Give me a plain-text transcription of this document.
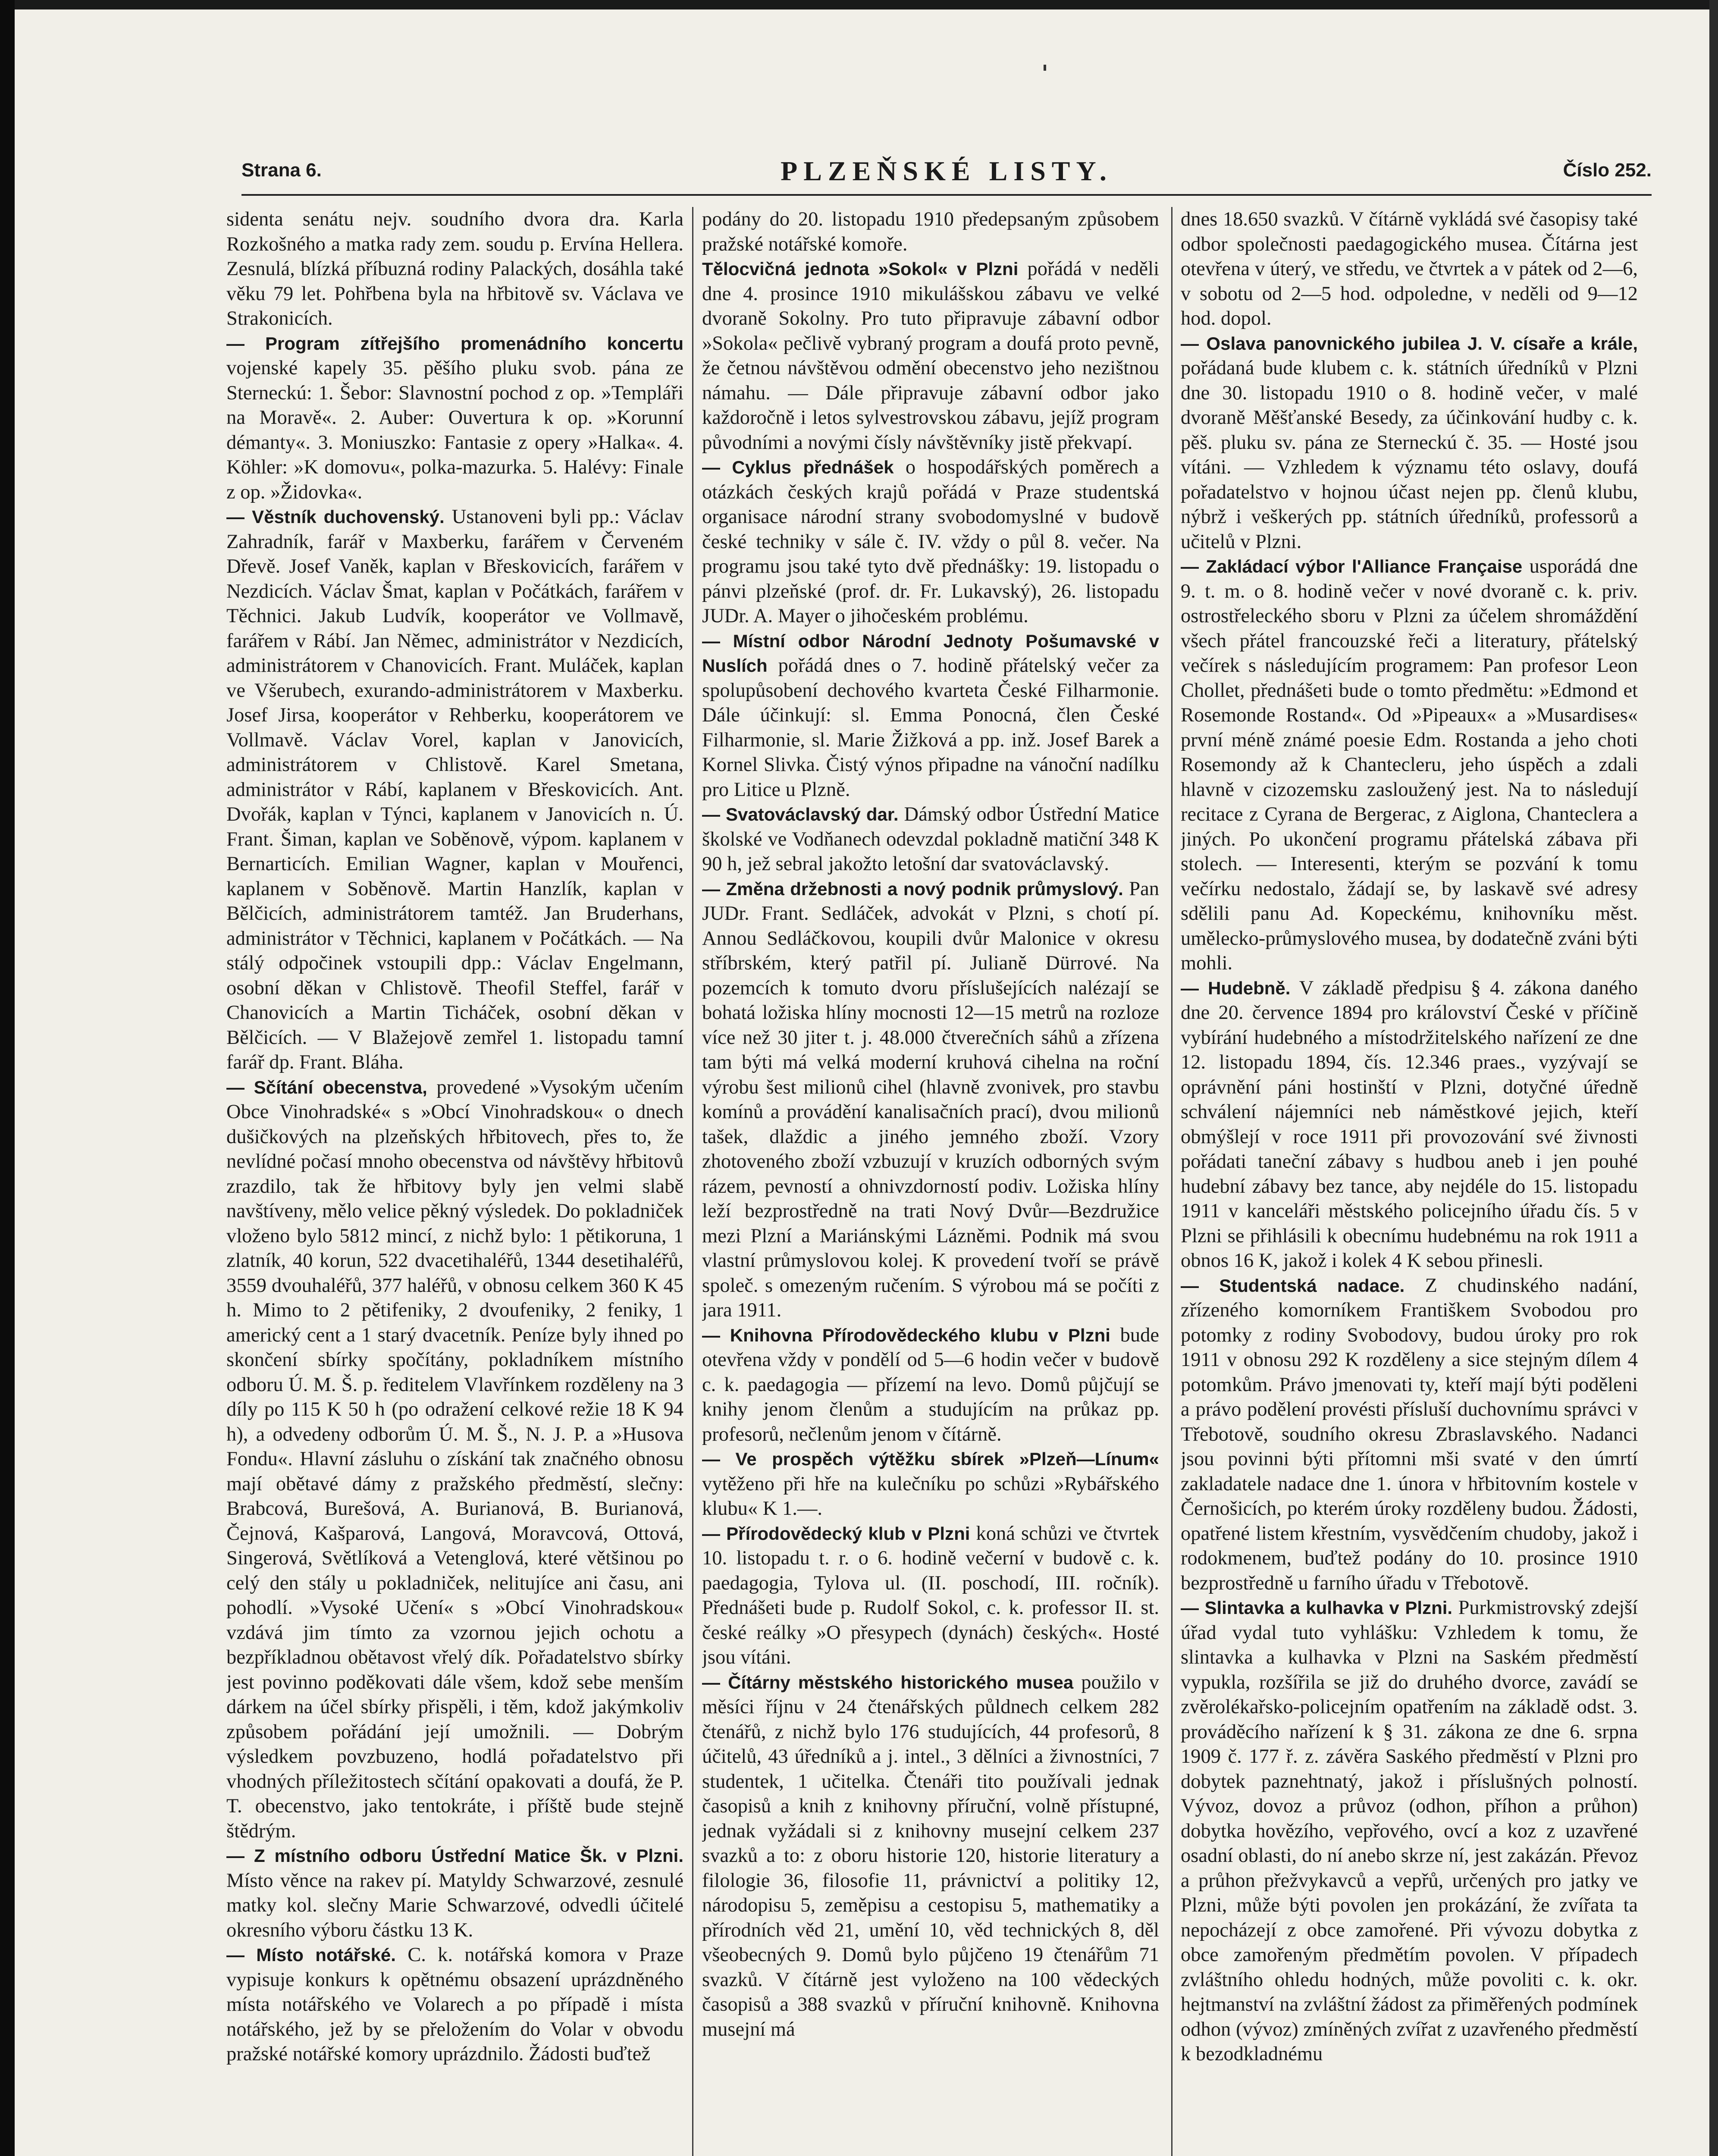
Strana 6.	PLZEŇSKÉ LISTY.	Číslo 252.

sidenta senátu nejv. soudního dvora dra. Karla Rozkošného a matka rady zem. soudu p. Ervína Hellera. Zesnulá, blízká příbuzná rodiny Palackých, dosáhla také věku 79 let. Pohřbena byla na hřbitově sv. Václava ve Strakonicích.

— Program zítřejšího promenádního koncertu vojenské kapely 35. pěšího pluku svob. pána ze Sterneckú: 1. Šebor: Slavnostní pochod z op. »Templáři na Moravě«. 2. Auber: Ouvertura k op. »Korunní démanty«. 3. Moniuszko: Fantasie z opery »Halka«. 4. Köhler: »K domovu«, polka-mazurka. 5. Halévy: Finale z op. »Židovka«.

— Věstník duchovenský. Ustanoveni byli pp.: Václav Zahradník, farář v Maxberku, farářem v Červeném Dřevě. Josef Vaněk, kaplan v Břeskovicích, farářem v Nezdicích. Václav Šmat, kaplan v Počátkách, farářem v Těchnici. Jakub Ludvík, kooperátor ve Vollmavě, farářem v Rábí. Jan Němec, administrátor v Nezdicích, administrátorem v Chanovicích. Frant. Muláček, kaplan ve Všerubech, exurando-administrátorem v Maxberku. Josef Jirsa, kooperátor v Rehberku, kooperátorem ve Vollmavě. Václav Vorel, kaplan v Janovicích, administrátorem v Chlistově. Karel Smetana, administrátor v Rábí, kaplanem v Břeskovicích. Ant. Dvořák, kaplan v Týnci, kaplanem v Janovicích n. Ú. Frant. Šiman, kaplan ve Soběnově, výpom. kaplanem v Bernarticích. Emilian Wagner, kaplan v Mouřenci, kaplanem v Soběnově. Martin Hanzlík, kaplan v Bělčicích, administrátorem tamtéž. Jan Bruderhans, administrátor v Těchnici, kaplanem v Počátkách. — Na stálý odpočinek vstoupili dpp.: Václav Engelmann, osobní děkan v Chlistově. Theofil Steffel, farář v Chanovicích a Martin Ticháček, osobní děkan v Bělčicích. — V Blažejově zemřel 1. listopadu tamní farář dp. Frant. Bláha.

— Sčítání obecenstva, provedené »Vysokým učením Obce Vinohradské« s »Obcí Vinohradskou« o dnech dušičkových na plzeňských hřbitovech, přes to, že nevlídné počasí mnoho obecenstva od návštěvy hřbitovů zrazdilo, tak že hřbitovy byly jen velmi slabě navštíveny, mělo velice pěkný výsledek. Do pokladniček vloženo bylo 5812 mincí, z nichž bylo: 1 pětikoruna, 1 zlatník, 40 korun, 522 dvacetihaléřů, 1344 desetihaléřů, 3559 dvouhaléřů, 377 haléřů, v obnosu celkem 360 K 45 h. Mimo to 2 pětifeniky, 2 dvoufeniky, 2 feniky, 1 americký cent a 1 starý dvacetník. Peníze byly ihned po skončení sbírky spočítány, pokladníkem místního odboru Ú. M. Š. p. ředitelem Vlavřínkem rozděleny na 3 díly po 115 K 50 h (po odražení celkové režie 18 K 94 h), a odvedeny odborům Ú. M. Š., N. J. P. a »Husova Fondu«. Hlavní zásluhu o získání tak značného obnosu mají obětavé dámy z pražského předměstí, slečny: Brabcová, Burešová, A. Burianová, B. Burianová, Čejnová, Kašparová, Langová, Moravcová, Ottová, Singerová, Světlíková a Vetenglová, které většinou po celý den stály u pokladniček, nelitujíce ani času, ani pohodlí. »Vysoké Učení« s »Obcí Vinohradskou« vzdává jim tímto za vzornou jejich ochotu a bezpříkladnou obětavost vřelý dík. Pořadatelstvo sbírky jest povinno poděkovati dále všem, kdož sebe menším dárkem na účel sbírky přispěli, i těm, kdož jakýmkoliv způsobem pořádání její umožnili. — Dobrým výsledkem povzbuzeno, hodlá pořadatelstvo při vhodných příležitostech sčítání opakovati a doufá, že P. T. obecenstvo, jako tentokráte, i příště bude stejně štědrým.

— Z místního odboru Ústřední Matice Šk. v Plzni. Místo věnce na rakev pí. Matyldy Schwarzové, zesnulé matky kol. slečny Marie Schwarzové, odvedli účitelé okresního výboru částku 13 K.

— Místo notářské. C. k. notářská komora v Praze vypisuje konkurs k opětnému obsazení uprázdněného místa notářského ve Volarech a po případě i místa notářského, jež by se přeložením do Volar v obvodu pražské notářské komory uprázdnilo. Žádosti buďtež

podány do 20. listopadu 1910 předepsaným způsobem pražské notářské komoře.

Tělocvičná jednota »Sokol« v Plzni pořádá v neděli dne 4. prosince 1910 mikulášskou zábavu ve velké dvoraně Sokolny. Pro tuto připravuje zábavní odbor »Sokola« pečlivě vybraný program a doufá proto pevně, že četnou návštěvou odmění obecenstvo jeho nezištnou námahu. — Dále připravuje zábavní odbor jako každoročně i letos sylvestrovskou zábavu, jejíž program původními a novými čísly návštěvníky jistě překvapí.

— Cyklus přednášek o hospodářských poměrech a otázkách českých krajů pořádá v Praze studentská organisace národní strany svobodomyslné v budově české techniky v sále č. IV. vždy o půl 8. večer. Na programu jsou také tyto dvě přednášky: 19. listopadu o pánvi plzeňské (prof. dr. Fr. Lukavský), 26. listopadu JUDr. A. Mayer o jihočeském problému.

— Místní odbor Národní Jednoty Pošumavské v Nuslích pořádá dnes o 7. hodině přátelský večer za spolupůsobení dechového kvarteta České Filharmonie. Dále účinkují: sl. Emma Ponocná, člen České Filharmonie, sl. Marie Žižková a pp. inž. Josef Barek a Kornel Slivka. Čistý výnos připadne na vánoční nadílku pro Litice u Plzně.

— Svatováclavský dar. Dámský odbor Ústřední Matice školské ve Vodňanech odevzdal pokladně matiční 348 K 90 h, jež sebral jakožto letošní dar svatováclavský.

— Změna držebnosti a nový podnik průmyslový. Pan JUDr. Frant. Sedláček, advokát v Plzni, s chotí pí. Annou Sedláčkovou, koupili dvůr Malonice v okresu stříbrském, který patřil pí. Julianě Dürrové. Na pozemcích k tomuto dvoru příslušejících nalézají se bohatá ložiska hlíny mocnosti 12—15 metrů na rozloze více než 30 jiter t. j. 48.000 čtverečních sáhů a zřízena tam býti má velká moderní kruhová cihelna na roční výrobu šest milionů cihel (hlavně zvonivek, pro stavbu komínů a provádění kanalisačních prací), dvou milionů tašek, dlaždic a jiného jemného zboží. Vzory zhotoveného zboží vzbuzují v kruzích odborných svým rázem, pevností a ohnivzdorností podiv. Ložiska hlíny leží bezprostředně na trati Nový Dvůr—Bezdružice mezi Plzní a Mariánskými Lázněmi. Podnik má svou vlastní průmyslovou kolej. K provedení tvoří se právě společ. s omezeným ručením. S výrobou má se počíti z jara 1911.

— Knihovna Přírodovědeckého klubu v Plzni bude otevřena vždy v pondělí od 5—6 hodin večer v budově c. k. paedagogia — přízemí na levo. Domů půjčují se knihy jenom členům a studujícím na průkaz pp. profesorů, nečlenům jenom v čítárně.

— Ve prospěch výtěžku sbírek »Plzeň—Línum« vytěženo při hře na kulečníku po schůzi »Rybářského klubu« K 1.—.

— Přírodovědecký klub v Plzni koná schůzi ve čtvrtek 10. listopadu t. r. o 6. hodině večerní v budově c. k. paedagogia, Tylova ul. (II. poschodí, III. ročník). Přednášeti bude p. Rudolf Sokol, c. k. professor II. st. české reálky »O přesypech (dynách) českých«. Hosté jsou vítáni.

— Čítárny městského historického musea použilo v měsíci říjnu v 24 čtenářských půldnech celkem 282 čtenářů, z nichž bylo 176 studujících, 44 profesorů, 8 účitelů, 43 úředníků a j. intel., 3 dělníci a živnostníci, 7 studentek, 1 učitelka. Čtenáři tito používali jednak časopisů a knih z knihovny příruční, volně přístupné, jednak vyžádali si z knihovny musejní celkem 237 svazků a to: z oboru historie 120, historie literatury a filologie 36, filosofie 11, právnictví a politiky 12, národopisu 5, zeměpisu a cestopisu 5, mathematiky a přírodních věd 21, umění 10, věd technických 8, děl všeobecných 9. Domů bylo půjčeno 19 čtenářům 71 svazků. V čítárně jest vyloženo na 100 vědeckých časopisů a 388 svazků v příruční knihovně. Knihovna musejní má

dnes 18.650 svazků. V čítárně vykládá své časopisy také odbor společnosti paedagogického musea. Čítárna jest otevřena v úterý, ve středu, ve čtvrtek a v pátek od 2—6, v sobotu od 2—5 hod. odpoledne, v neděli od 9—12 hod. dopol.

— Oslava panovnického jubilea J. V. císaře a krále, pořádaná bude klubem c. k. státních úředníků v Plzni dne 30. listopadu 1910 o 8. hodině večer, v malé dvoraně Měšťanské Besedy, za účinkování hudby c. k. pěš. pluku sv. pána ze Sterneckú č. 35. — Hosté jsou vítáni. — Vzhledem k významu této oslavy, doufá pořadatelstvo v hojnou účast nejen pp. členů klubu, nýbrž i veškerých pp. státních úředníků, professorů a učitelů v Plzni.

— Zakládací výbor l'Alliance Française usporádá dne 9. t. m. o 8. hodině večer v nové dvoraně c. k. priv. ostrostřeleckého sboru v Plzni za účelem shromáždění všech přátel francouzské řeči a literatury, přátelský večírek s následujícím programem: Pan profesor Leon Chollet, přednášeti bude o tomto předmětu: »Edmond et Rosemonde Rostand«. Od »Pipeaux« a »Musardises« první méně známé poesie Edm. Rostanda a jeho choti Rosemondy až k Chantecleru, jeho úspěch a zdali hlavně v cizozemsku zasloužený jest. Na to následují recitace z Cyrana de Bergerac, z Aiglona, Chanteclera a jiných. Po ukončení programu přátelská zábava při stolech. — Interesenti, kterým se pozvání k tomu večírku nedostalo, žádají se, by laskavě své adresy sdělili panu Ad. Kopeckému, knihovníku měst. umělecko-průmyslového musea, by dodatečně zváni býti mohli.

— Hudebně. V základě předpisu § 4. zákona daného dne 20. července 1894 pro království České v příčině vybírání hudebného a místodržitelského nařízení ze dne 12. listopadu 1894, čís. 12.346 praes., vyzývají se oprávnění páni hostinští v Plzni, dotyčné úředně schválení nájemníci neb náměstkové jejich, kteří obmýšlejí v roce 1911 při provozování své živnosti pořádati taneční zábavy s hudbou aneb i jen pouhé hudební zábavy bez tance, aby nejdéle do 15. listopadu 1911 v kanceláři městského policejního úřadu čís. 5 v Plzni se přihlásili k obecnímu hudebnému na rok 1911 a obnos 16 K, jakož i kolek 4 K sebou přinesli.

— Studentská nadace. Z chudinského nadání, zřízeného komorníkem Františkem Svobodou pro potomky z rodiny Svobodovy, budou úroky pro rok 1911 v obnosu 292 K rozděleny a sice stejným dílem 4 potomkům. Právo jmenovati ty, kteří mají býti poděleni a právo podělení provésti přísluší duchovnímu správci v Třebotově, soudního okresu Zbraslavského. Nadanci jsou povinni býti přítomni mši svaté v den úmrtí zakladatele nadace dne 1. února v hřbitovním kostele v Černošicích, po kterém úroky rozděleny budou. Žádosti, opatřené listem křestním, vysvědčením chudoby, jakož i rodokmenem, buďtež podány do 10. prosince 1910 bezprostředně u farního úřadu v Třebotově.

— Slintavka a kulhavka v Plzni. Purkmistrovský zdejší úřad vydal tuto vyhlášku: Vzhledem k tomu, že slintavka a kulhavka v Plzni na Saském předměstí vypukla, rozšířila se již do druhého dvorce, zavádí se zvěrolékařsko-policejním opatřením na základě odst. 3. prováděcího nařízení k § 31. zákona ze dne 6. srpna 1909 č. 177 ř. z. závěra Saského předměstí v Plzni pro dobytek paznehtnatý, jakož i příslušných polností. Vývoz, dovoz a průvoz (odhon, příhon a průhon) dobytka hovězího, vepřového, ovcí a koz z uzavřené osadní oblasti, do ní anebo skrze ní, jest zakázán. Převoz a průhon přežvykavců a vepřů, určených pro jatky ve Plzni, může býti povolen jen prokázání, že zvířata ta nepocházejí z obce zamořené. Při vývozu dobytka z obce zamořeným předmětím povolen. V případech zvláštního ohledu hodných, může povoliti c. k. okr. hejtmanství na zvláštní žádost za přiměřených podmínek odhon (vývoz) zmíněných zvířat z uzavřeného předměstí k bezodkladnému
